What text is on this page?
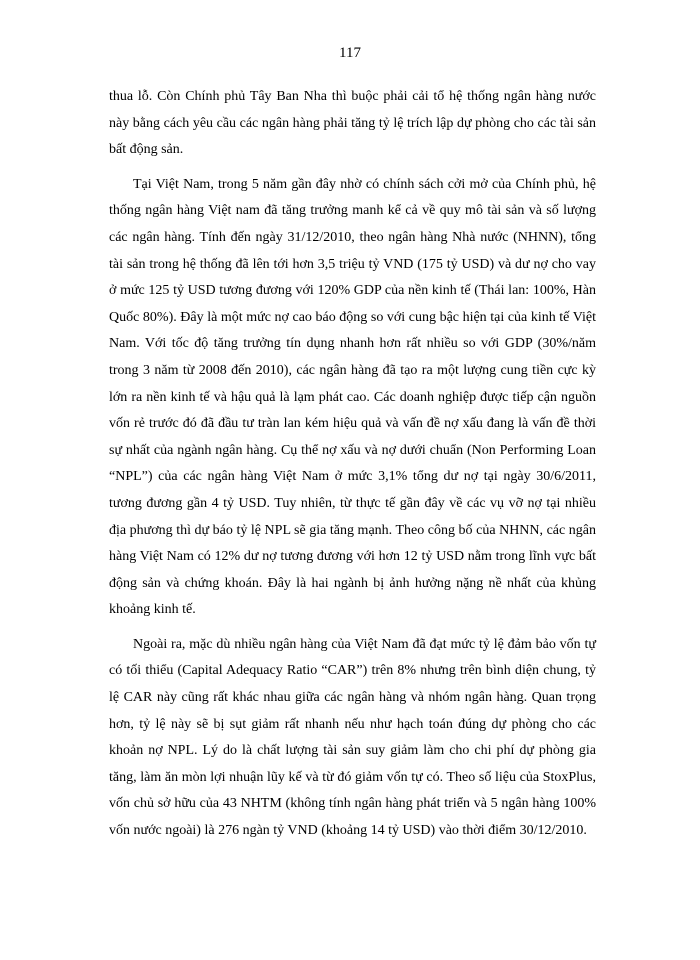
117

thua lỗ. Còn Chính phủ Tây Ban Nha thì buộc phải cải tổ hệ thống ngân hàng nước này bằng cách yêu cầu các ngân hàng phải tăng tỷ lệ trích lập dự phòng cho các tài sản bất động sản.

Tại Việt Nam, trong 5 năm gần đây nhờ có chính sách cởi mở của Chính phủ, hệ thống ngân hàng Việt nam đã tăng trưởng manh kể cả về quy mô tài sản và số lượng các ngân hàng. Tính đến ngày 31/12/2010, theo ngân hàng Nhà nước (NHNN), tổng tài sản trong hệ thống đã lên tới hơn 3,5 triệu tỷ VND (175 tỷ USD) và dư nợ cho vay ở mức 125 tỷ USD tương đương với 120% GDP của nền kinh tế (Thái lan: 100%, Hàn Quốc 80%). Đây là một mức nợ cao báo động so với cung bậc hiện tại của kinh tế Việt Nam. Với tốc độ tăng trưởng tín dụng nhanh hơn rất nhiều so với GDP (30%/năm trong 3 năm từ 2008 đến 2010), các ngân hàng đã tạo ra một lượng cung tiền cực kỳ lớn ra nền kinh tế và hậu quả là lạm phát cao. Các doanh nghiệp được tiếp cận nguồn vốn rẻ trước đó đã đầu tư tràn lan kém hiệu quả và vấn đề nợ xấu đang là vấn đề thời sự nhất của ngành ngân hàng. Cụ thể nợ xấu và nợ dưới chuẩn (Non Performing Loan “NPL”) của các ngân hàng Việt Nam ở mức 3,1% tổng dư nợ tại ngày 30/6/2011, tương đương gần 4 tỷ USD. Tuy nhiên, từ thực tế gần đây về các vụ vỡ nợ tại nhiều địa phương thì dự báo tỷ lệ NPL sẽ gia tăng mạnh. Theo công bố của NHNN, các ngân hàng Việt Nam có 12% dư nợ tương đương với hơn 12 tỷ USD nằm trong lĩnh vực bất động sản và chứng khoán. Đây là hai ngành bị ảnh hưởng nặng nề nhất của khủng khoảng kinh tế.

Ngoài ra, mặc dù nhiều ngân hàng của Việt Nam đã đạt mức tỷ lệ đảm bảo vốn tự có tối thiểu (Capital Adequacy Ratio “CAR”) trên 8% nhưng trên bình diện chung, tỷ lệ CAR này cũng rất khác nhau giữa các ngân hàng và nhóm ngân hàng. Quan trọng hơn, tỷ lệ này sẽ bị sụt giảm rất nhanh nếu như hạch toán đúng dự phòng cho các khoản nợ NPL. Lý do là chất lượng tài sản suy giảm làm cho chi phí dự phòng gia tăng, làm ăn mòn lợi nhuận lũy kế và từ đó giảm vốn tự có. Theo số liệu của StoxPlus, vốn chủ sở hữu của 43 NHTM (không tính ngân hàng phát triển và 5 ngân hàng 100% vốn nước ngoài) là 276 ngàn tỷ VND (khoảng 14 tỷ USD) vào thời điểm 30/12/2010.
